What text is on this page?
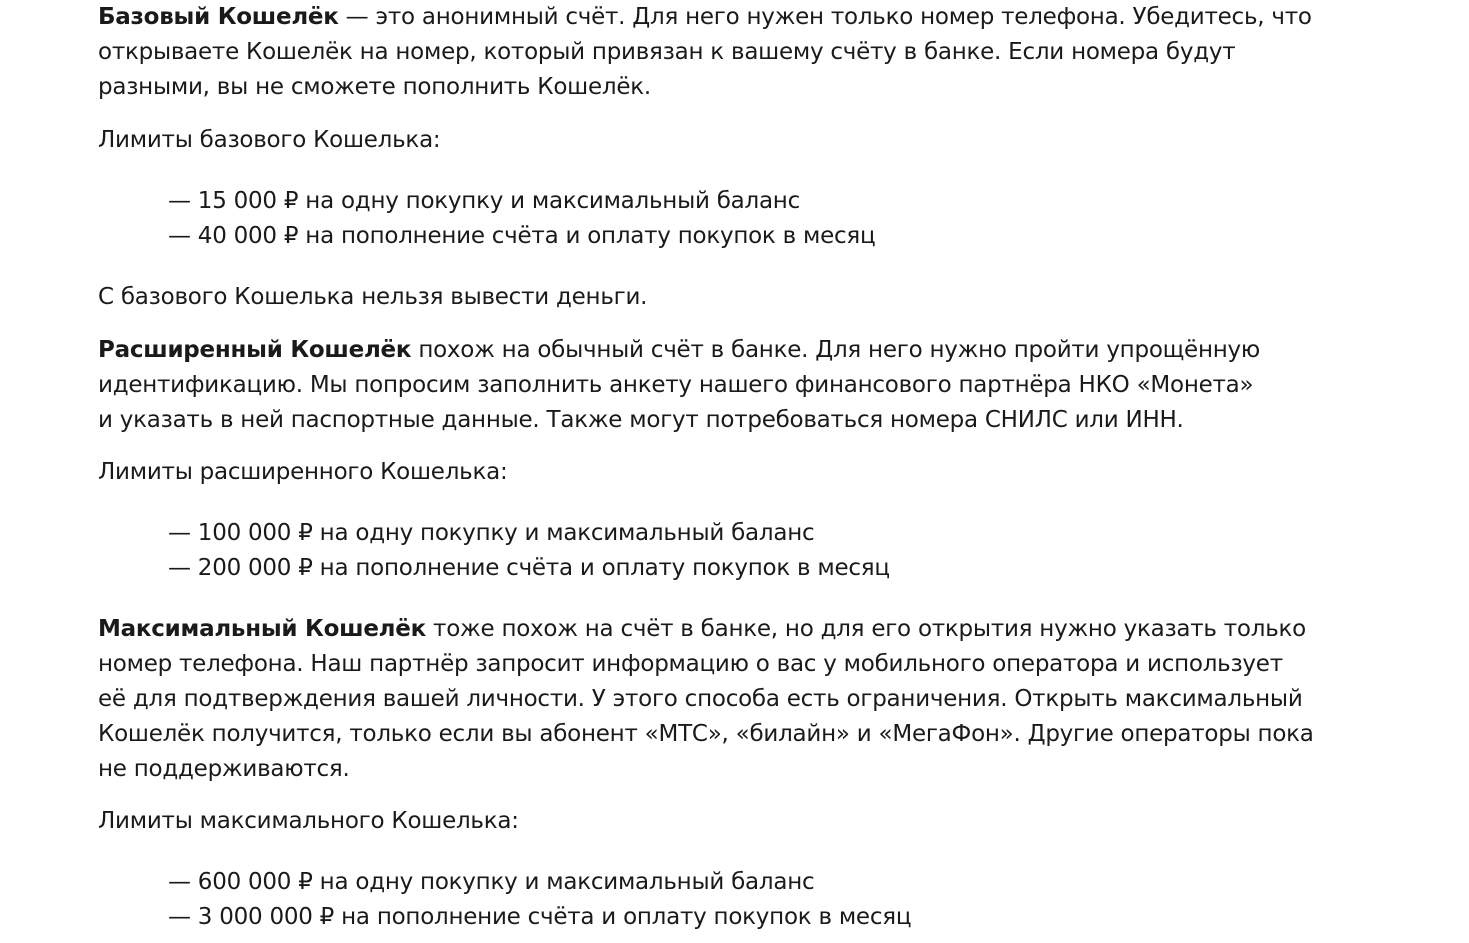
Базовый Кошелёк — это анонимный счёт. Для него нужен только номер телефона. Убедитесь, что
открываете Кошелёк на номер, который привязан к вашему счёту в банке. Если номера будут
разными, вы не сможете пополнить Кошелёк.

Лимиты базового Кошелька:

— 15 000 ₽ на одну покупку и максимальный баланс
— 40 000 ₽ на пополнение счёта и оплату покупок в месяц

С базового Кошелька нельзя вывести деньги.

Расширенный Кошелёк похож на обычный счёт в банке. Для него нужно пройти упрощённую
идентификацию. Мы попросим заполнить анкету нашего финансового партнёра НКО «Монета»
и указать в ней паспортные данные. Также могут потребоваться номера СНИЛС или ИНН.

Лимиты расширенного Кошелька:

— 100 000 ₽ на одну покупку и максимальный баланс
— 200 000 ₽ на пополнение счёта и оплату покупок в месяц

Максимальный Кошелёк тоже похож на счёт в банке, но для его открытия нужно указать только
номер телефона. Наш партнёр запросит информацию о вас у мобильного оператора и использует
её для подтверждения вашей личности. У этого способа есть ограничения. Открыть максимальный
Кошелёк получится, только если вы абонент «МТС», «билайн» и «МегаФон». Другие операторы пока
не поддерживаются.

Лимиты максимального Кошелька:

— 600 000 ₽ на одну покупку и максимальный баланс
— 3 000 000 ₽ на пополнение счёта и оплату покупок в месяц
